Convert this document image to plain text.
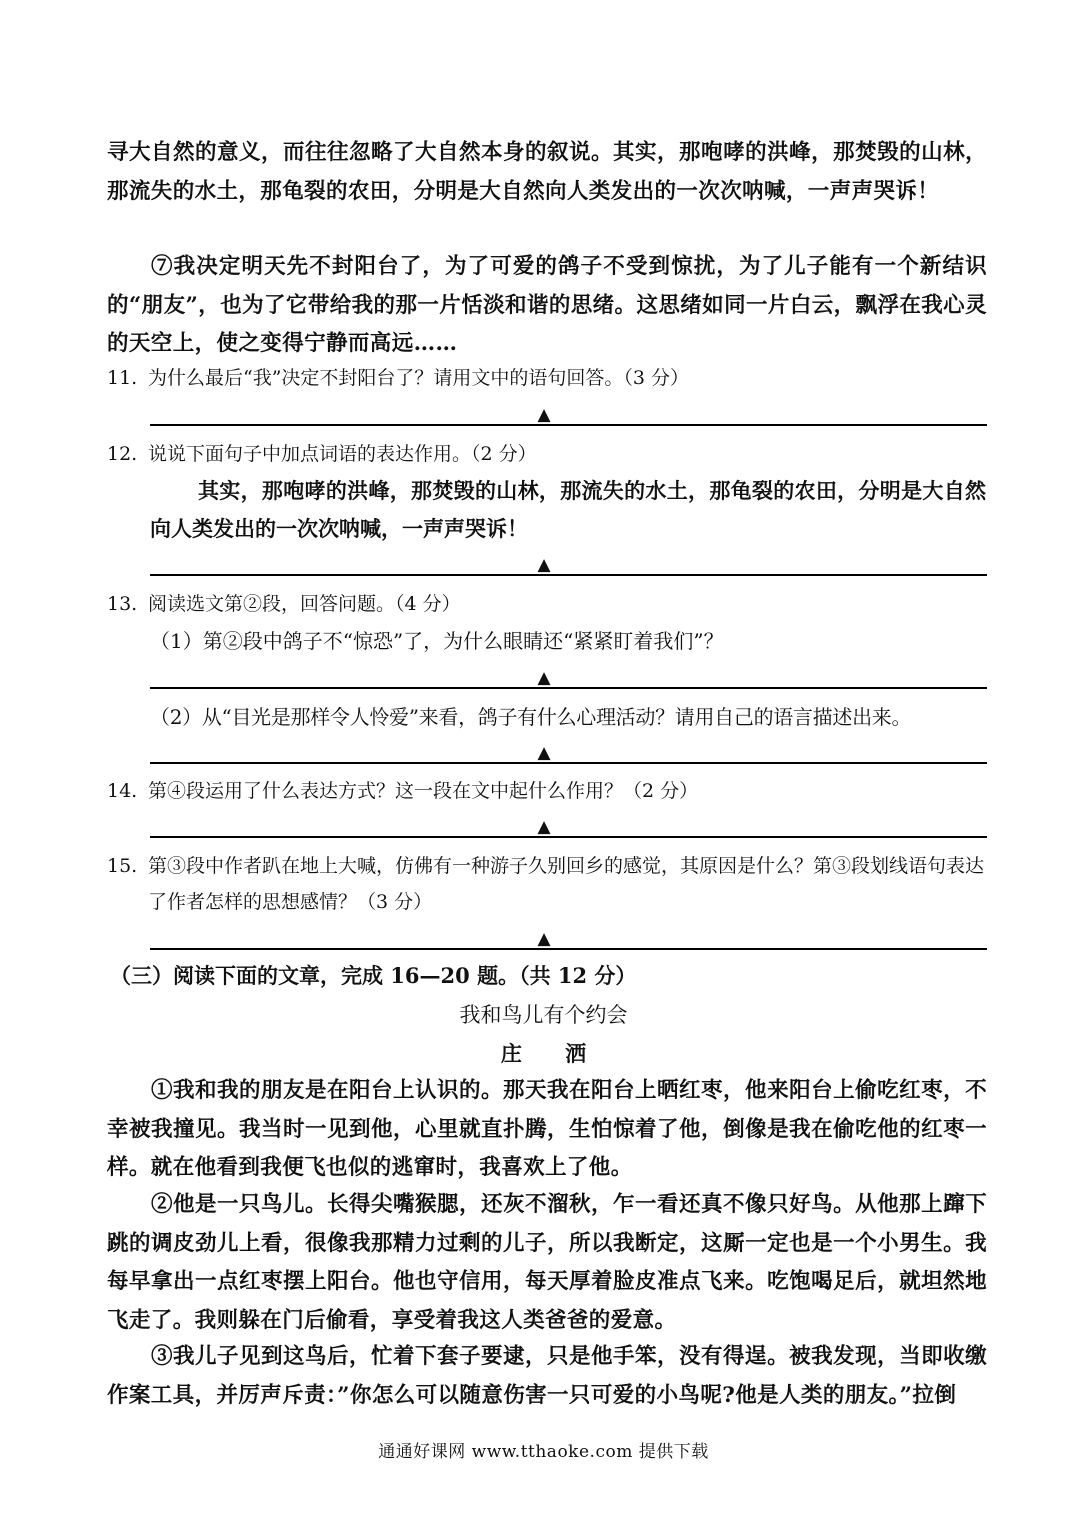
寻大自然的意义，而往往忽略了大自然本身的叙说。其实，那咆哮的洪峰，那焚毁的山林，那流失的水土，那龟裂的农田，分明是大自然向人类发出的一次次呐喊，一声声哭诉！

⑦我决定明天先不封阳台了，为了可爱的鸽子不受到惊扰，为了儿子能有一个新结识的“朋友”，也为了它带给我的那一片恬淡和谐的思绪。这思绪如同一片白云，飘浮在我心灵的天空上，使之变得宁静而高远……

11. 为什么最后“我”决定不封阳台了？请用文中的语句回答。（3 分）
▲
12. 说说下面句子中加点词语的表达作用。（2 分）

其实，那咆哮的洪峰，那焚毁的山林，那流失的水土，那龟裂的农田，分明是大自然向人类发出的一次次呐喊，一声声哭诉！

▲
13. 阅读选文第②段，回答问题。（4 分）

（1）第②段中鸽子不“惊恐”了，为什么眼睛还“紧紧盯着我们”？

▲

（2）从“目光是那样令人怜爱”来看，鸽子有什么心理活动？请用自己的语言描述出来。

▲
14. 第④段运用了什么表达方式？这一段在文中起什么作用？（2 分）
▲
15. 第③段中作者趴在地上大喊，仿佛有一种游子久别回乡的感觉，其原因是什么？第③段划线语句表达了作者怎样的思想感情？（3 分）
▲
（三）阅读下面的文章，完成 16—20 题。（共 12 分）
我和鸟儿有个约会
庄 洒

①我和我的朋友是在阳台上认识的。那天我在阳台上晒红枣，他来阳台上偷吃红枣，不幸被我撞见。我当时一见到他，心里就直扑腾，生怕惊着了他，倒像是我在偷吃他的红枣一样。就在他看到我便飞也似的逃窜时，我喜欢上了他。

②他是一只鸟儿。长得尖嘴猴腮，还灰不溜秋，乍一看还真不像只好鸟。从他那上蹿下跳的调皮劲儿上看，很像我那精力过剩的儿子，所以我断定，这厮一定也是一个小男生。我每早拿出一点红枣摆上阳台。他也守信用，每天厚着脸皮准点飞来。吃饱喝足后，就坦然地飞走了。我则躲在门后偷看，享受着我这人类爸爸的爱意。

③我儿子见到这鸟后，忙着下套子要逮，只是他手笨，没有得逞。被我发现，当即收缴作案工具，并厉声斥责：”你怎么可以随意伤害一只可爱的小鸟呢?他是人类的朋友。”拉倒

通通好课网 www.tthaoke.com 提供下载
